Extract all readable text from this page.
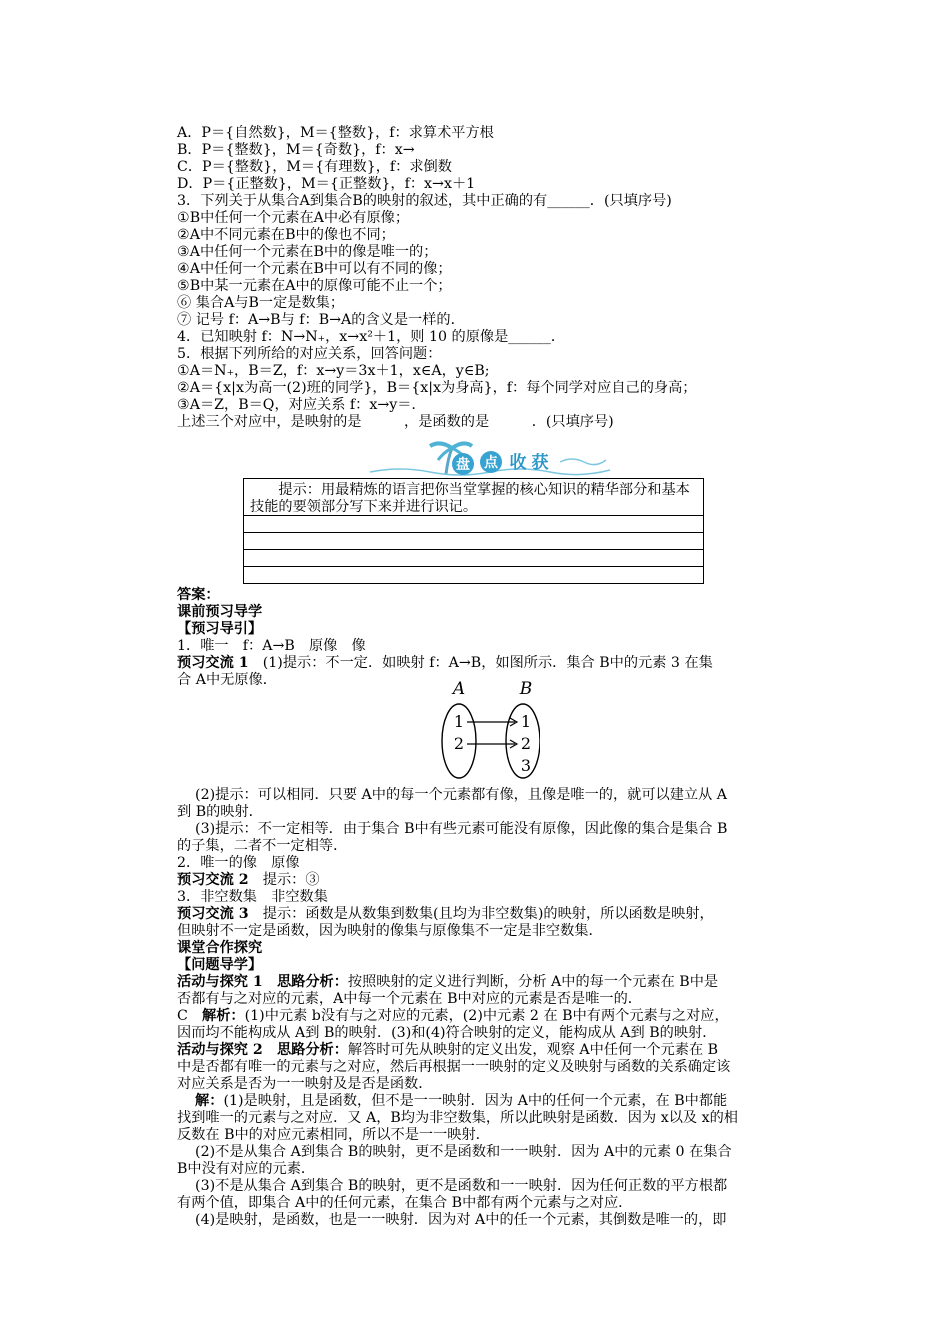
A．P＝{自然数}，M＝{整数}，f：求算术平方根
B．P＝{整数}，M＝{奇数}，f：x→
C．P＝{整数}，M＝{有理数}，f：求倒数
D．P＝{正整数}，M＝{正整数}，f：x→x＋1
3．下列关于从集合A到集合B的映射的叙述，其中正确的有______．(只填序号)
①B中任何一个元素在A中必有原像；
②A中不同元素在B中的像也不同；
③A中任何一个元素在B中的像是唯一的；
④A中任何一个元素在B中可以有不同的像；
⑤B中某一元素在A中的原像可能不止一个；
⑥ 集合A与B一定是数集；
⑦ 记号 f：A→B与 f：B→A的含义是一样的．
4．已知映射 f：N→N₊，x→x²＋1，则 10 的原像是______．
5．根据下列所给的对应关系，回答问题：
①A＝N₊，B＝Z，f：x→y＝3x＋1，x∈A，y∈B;
②A＝{x|x为高一(2)班的同学}，B＝{x|x为身高}，f：每个同学对应自己的身高；
③A＝Z，B＝Q，对应关系 f：x→y＝.
上述三个对应中，是映射的是　　　，是函数的是　　　．(只填序号)
盘 点 收 获
提示：用最精炼的语言把你当堂掌握的核心知识的精华部分和基本技能的要领部分写下来并进行识记。
答案：
课前预习导学
【预习导引】
1．唯一　f：A→B　原像　像
预习交流 1　(1)提示：不一定．如映射 f：A→B，如图所示．集合 B中的元素 3 在集
合 A中无原像．	A	B
1
2
1
2
3
(2)提示：可以相同．只要 A中的每一个元素都有像，且像是唯一的，就可以建立从 A
到 B的映射．
(3)提示：不一定相等．由于集合 B中有些元素可能没有原像，因此像的集合是集合 B
的子集，二者不一定相等．
2．唯一的像　原像
预习交流 2　提示：③
3．非空数集　非空数集
预习交流 3　提示：函数是从数集到数集(且均为非空数集)的映射，所以函数是映射，
但映射不一定是函数，因为映射的像集与原像集不一定是非空数集．
课堂合作探究
【问题导学】
活动与探究 1　思路分析：按照映射的定义进行判断，分析 A中的每一个元素在 B中是
否都有与之对应的元素，A中每一个元素在 B中对应的元素是否是唯一的．
C　解析：(1)中元素 b没有与之对应的元素，(2)中元素 2 在 B中有两个元素与之对应，
因而均不能构成从 A到 B的映射．(3)和(4)符合映射的定义，能构成从 A到 B的映射．
活动与探究 2　思路分析：解答时可先从映射的定义出发，观察 A中任何一个元素在 B
中是否都有唯一的元素与之对应，然后再根据一一映射的定义及映射与函数的关系确定该
对应关系是否为一一映射及是否是函数．
解：(1)是映射，且是函数，但不是一一映射．因为 A中的任何一个元素，在 B中都能
找到唯一的元素与之对应．又 A，B均为非空数集，所以此映射是函数．因为 x以及 x的相
反数在 B中的对应元素相同，所以不是一一映射．
(2)不是从集合 A到集合 B的映射，更不是函数和一一映射．因为 A中的元素 0 在集合
B中没有对应的元素．
(3)不是从集合 A到集合 B的映射，更不是函数和一一映射．因为任何正数的平方根都
有两个值，即集合 A中的任何元素，在集合 B中都有两个元素与之对应．
(4)是映射，是函数，也是一一映射．因为对 A中的任一个元素，其倒数是唯一的，即
